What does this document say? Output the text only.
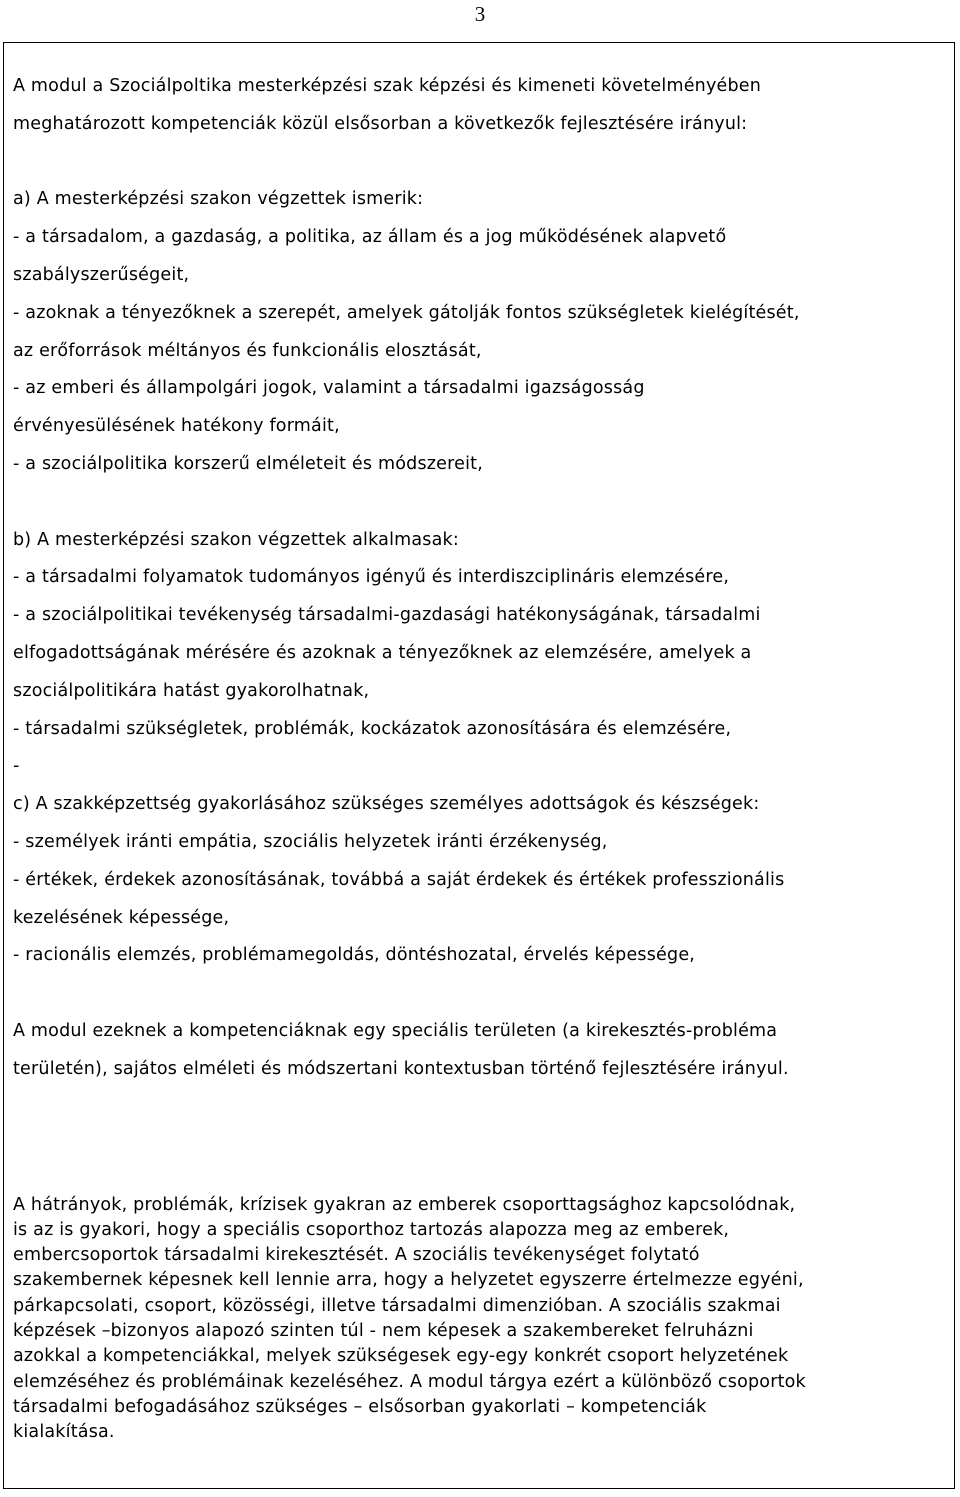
3

A modul a Szociálpoltika mesterképzési szak képzési és kimeneti követelményében

meghatározott kompetenciák közül elsősorban a következők fejlesztésére irányul:

a) A mesterképzési szakon végzettek ismerik:

- a társadalom, a gazdaság, a politika, az állam és a jog működésének alapvető

szabályszerűségeit,

- azoknak a tényezőknek a szerepét, amelyek gátolják fontos szükségletek kielégítését,

az erőforrások méltányos és funkcionális elosztását,

- az emberi és állampolgári jogok, valamint a társadalmi igazságosság

érvényesülésének hatékony formáit,

- a szociálpolitika korszerű elméleteit és módszereit,

b) A mesterképzési szakon végzettek alkalmasak:

- a társadalmi folyamatok tudományos igényű és interdiszciplináris elemzésére,

- a szociálpolitikai tevékenység társadalmi-gazdasági hatékonyságának, társadalmi

elfogadottságának mérésére és azoknak a tényezőknek az elemzésére, amelyek a

szociálpolitikára hatást gyakorolhatnak,

- társadalmi szükségletek, problémák, kockázatok azonosítására és elemzésére,

-

c) A szakképzettség gyakorlásához szükséges személyes adottságok és készségek:

- személyek iránti empátia, szociális helyzetek iránti érzékenység,

- értékek, érdekek azonosításának, továbbá a saját érdekek és értékek professzionális

kezelésének képessége,

- racionális elemzés, problémamegoldás, döntéshozatal, érvelés képessége,

A modul ezeknek a kompetenciáknak egy speciális területen (a kirekesztés-probléma

területén), sajátos elméleti és módszertani kontextusban történő fejlesztésére irányul.

A hátrányok, problémák, krízisek gyakran az emberek csoporttagsághoz kapcsolódnak,

is az is gyakori, hogy a speciális csoporthoz tartozás alapozza meg az emberek,

embercsoportok társadalmi kirekesztését. A szociális tevékenységet folytató

szakembernek képesnek kell lennie arra, hogy a helyzetet egyszerre értelmezze egyéni,

párkapcsolati, csoport, közösségi, illetve társadalmi dimenzióban. A szociális szakmai

képzések –bizonyos alapozó szinten túl - nem képesek a szakembereket felruházni

azokkal a kompetenciákkal, melyek szükségesek egy-egy konkrét csoport helyzetének

elemzéséhez és problémáinak kezeléséhez. A modul tárgya ezért a különböző csoportok

társadalmi befogadásához szükséges – elsősorban gyakorlati – kompetenciák

kialakítása.
